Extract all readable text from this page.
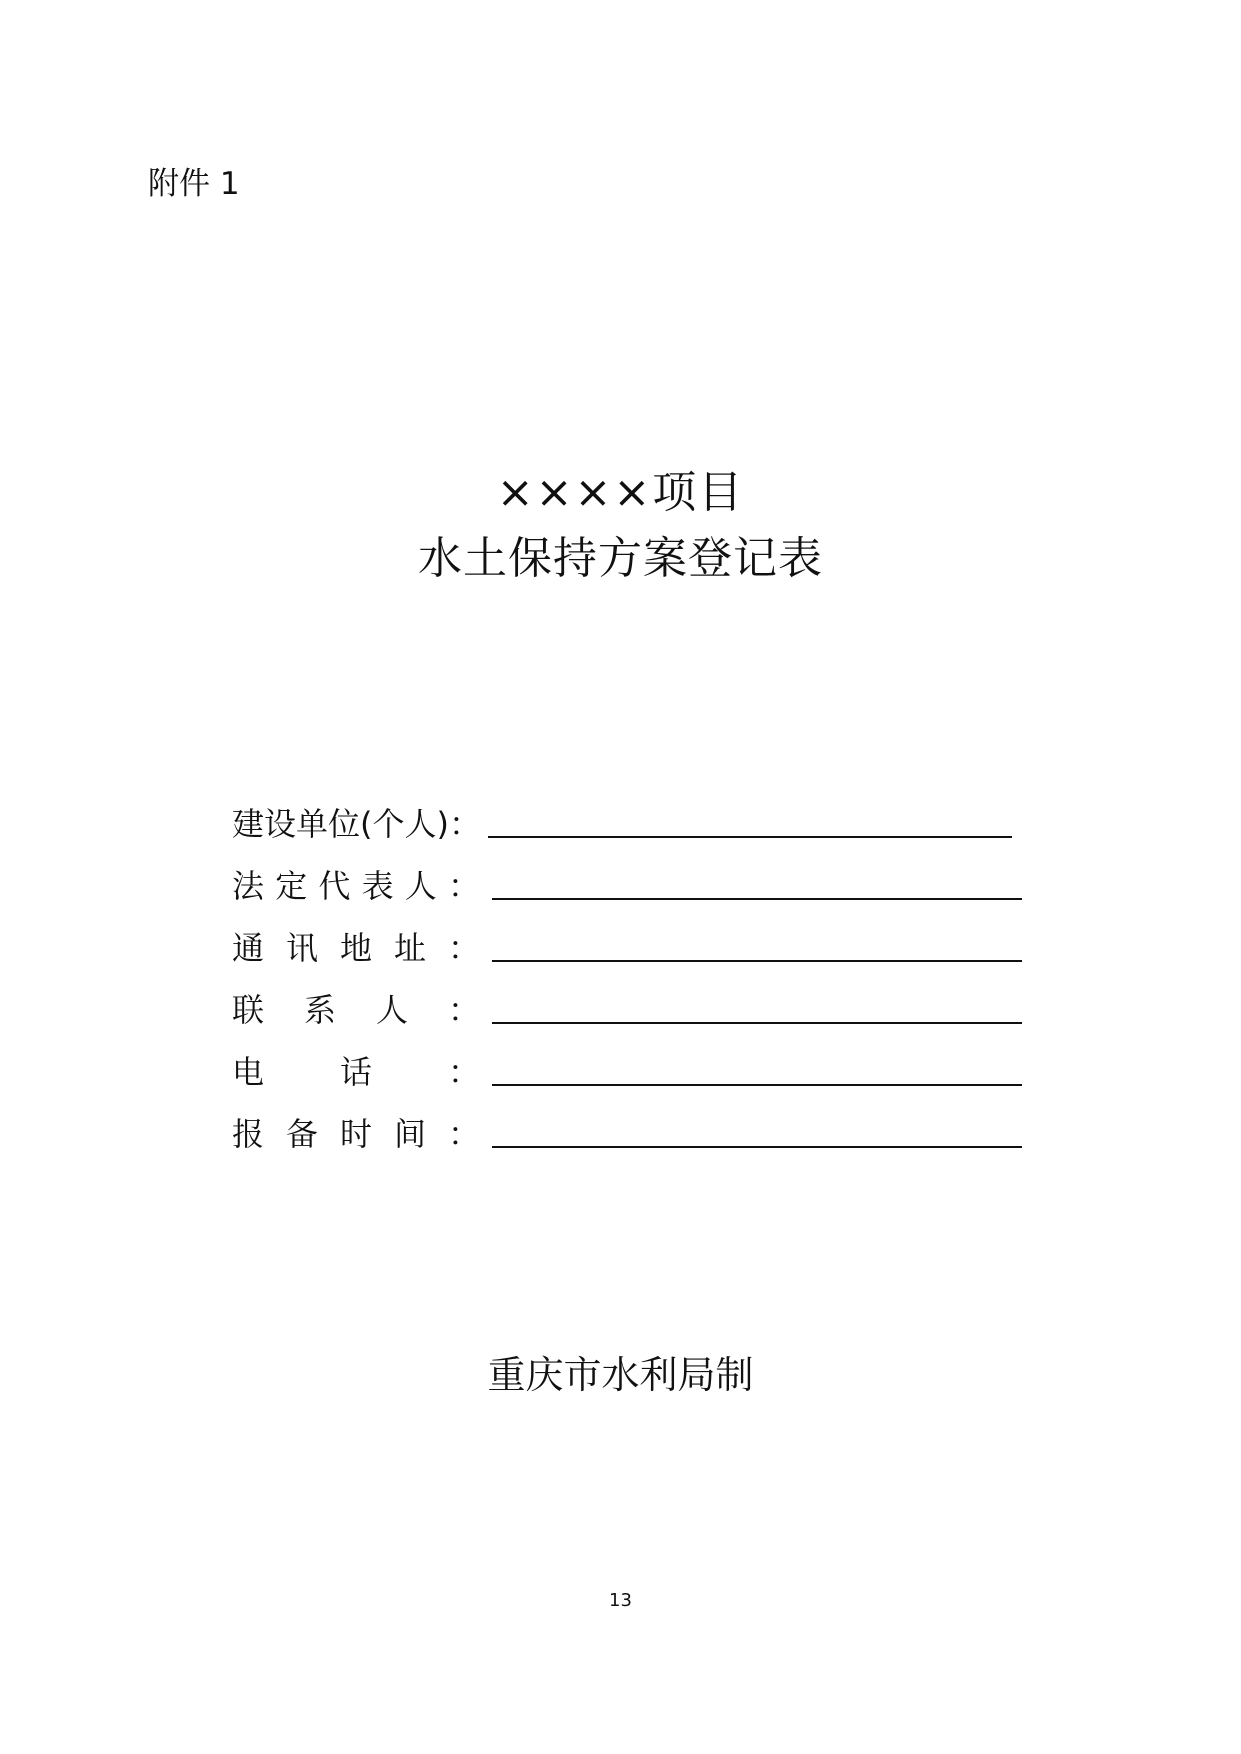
附件 1
××××项目
水土保持方案登记表
建设单位(个人)：
法 定 代 表 人 ：
通 讯 地 址 ：
联 系 人 ：
电 话 ：
报 备 时 间 ：
重庆市水利局制
13
